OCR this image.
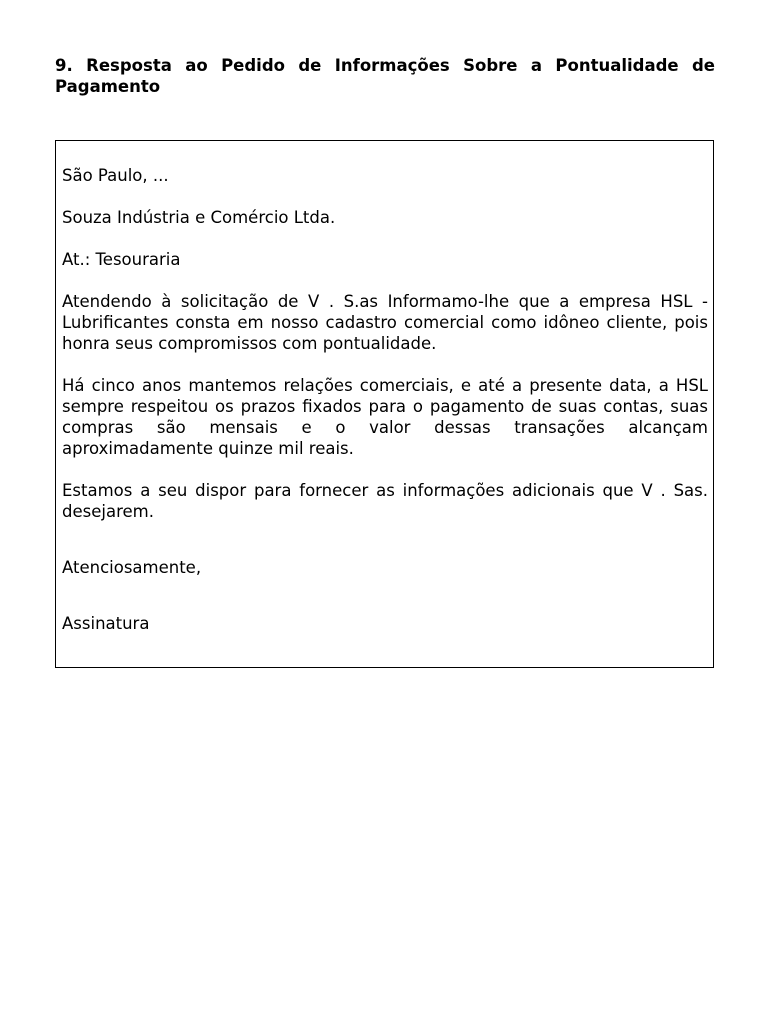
9. Resposta ao Pedido de Informações Sobre a Pontualidade de Pagamento

São Paulo, ...

Souza Indústria e Comércio Ltda.

At.: Tesouraria

Atendendo à solicitação de V . S.as Informamo-lhe que a empresa HSL - Lubrificantes consta em nosso cadastro comercial como idôneo cliente, pois honra seus compromissos com pontualidade.

Há cinco anos mantemos relações comerciais, e até a presente data, a HSL sempre respeitou os prazos fixados para o pagamento de suas contas, suas compras são mensais e o valor dessas transações alcançam aproximadamente quinze mil reais.

Estamos a seu dispor para fornecer as informações adicionais que V . Sas. desejarem.

Atenciosamente,

Assinatura
